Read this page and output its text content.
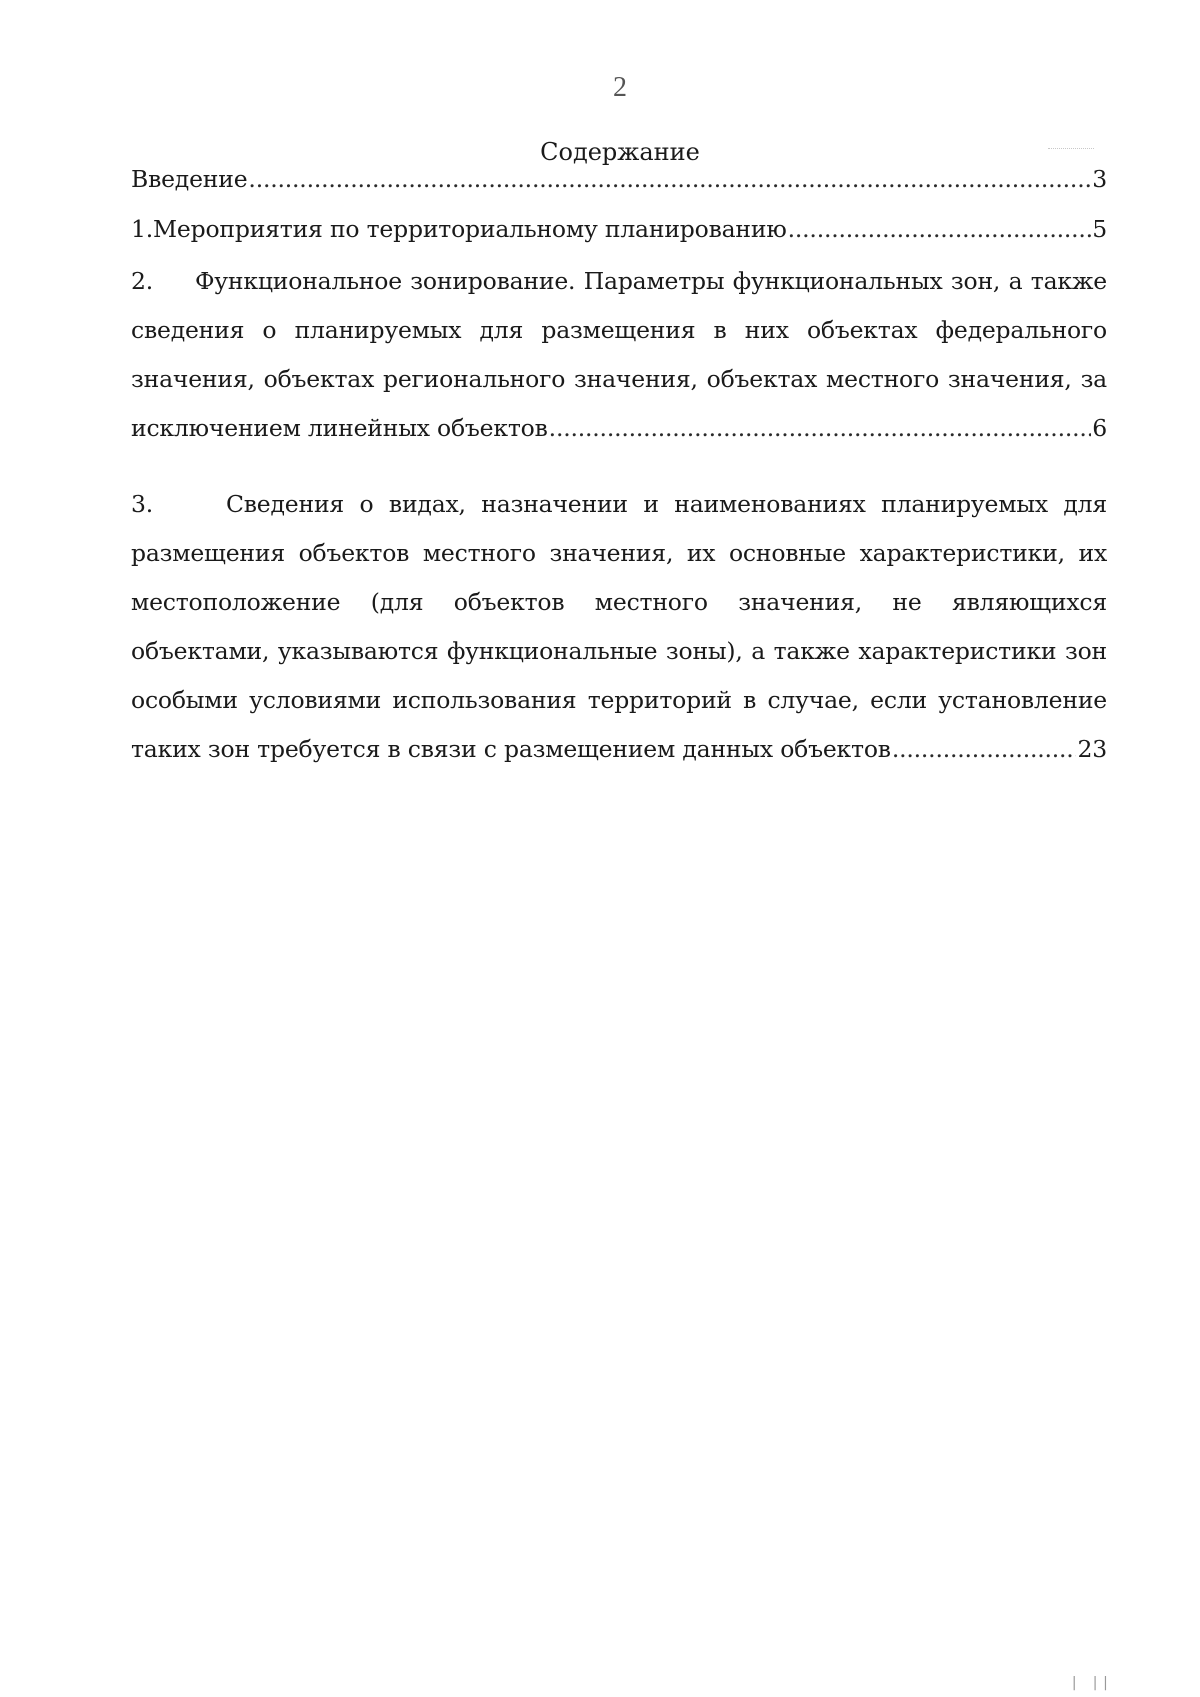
2
Содержание
Введение .....	3
1. Мероприятия по территориальному планированию .....	5
2.	Функциональное зонирование. Параметры функциональных зон, а также
сведения о планируемых для размещения в них объектах федерального
значения, объектах регионального значения, объектах местного значения, за
исключением линейных объектов .....	6
3.	Сведения о видах, назначении и наименованиях планируемых для
размещения объектов местного значения, их основные характеристики, их
местоположение (для объектов местного значения, не являющихся
объектами, указываются функциональные зоны), а также характеристики зон
особыми условиями использования территорий в случае, если установление
таких зон требуется в связи с размещением данных объектов .....	23
| ||
